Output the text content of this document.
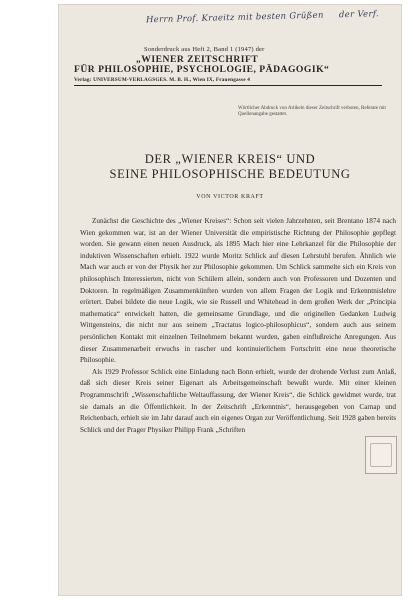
Herrn Prof. Kraeitz mit besten Grüßen der Verf.
Sonderdruck aus Heft 2, Band 1 (1947) der
„WIENER ZEITSCHRIFT
FÜR PHILOSOPHIE, PSYCHOLOGIE, PÄDAGOGIK“
Verlag: UNIVERSUM-VERLAGSGES. M. B. H., Wien IX, Frauengasse 4
Wörtlicher Abdruck von Artikeln dieser Zeitschrift verboten, Referate mit Quellenangabe gestattet.
DER „WIENER KREIS“ UND
SEINE PHILOSOPHISCHE BEDEUTUNG
VON VICTOR KRAFT

Zunächst die Geschichte des „Wiener Kreises“: Schon seit vielen Jahrzehnten, seit Brentano 1874 nach Wien gekommen war, ist an der Wiener Universität die empiristische Richtung der Philosophie gepflegt worden. Sie gewann einen neuen Ausdruck, als 1895 Mach hier eine Lehrkanzel für die Philosophie der induktiven Wissenschaften erhielt. 1922 wurde Moritz Schlick auf diesen Lehrstuhl berufen. Ähnlich wie Mach war auch er von der Physik her zur Philosophie gekommen. Um Schlick sammelte sich ein Kreis von philosophisch Interessierten, nicht von Schülern allein, sondern auch von Professoren und Dozenten und Doktoren. In regelmäßigen Zusammenkünften wurden von allem Fragen der Logik und Erkenntnislehre erörtert. Dabei bildete die neue Logik, wie sie Russell und Whitehead in dem großen Werk der „Principia mathematica“ entwickelt hatten, die gemeinsame Grundlage, und die originellen Gedanken Ludwig Wittgensteins, die nicht nur aus seinem „Tractatus logico-philosophicus“, sondern auch aus seinem persönlichen Kontakt mit einzelnen Teilnehmern bekannt wurden, gaben einflußreiche Anregungen. Aus dieser Zusammenarbeit erwuchs in rascher und kontinuierlichem Fortschritt eine neue theoretische Philosophie.

Als 1929 Professor Schlick eine Einladung nach Bonn erhielt, wurde der drohende Verlust zum Anlaß, daß sich dieser Kreis seiner Eigenart als Arbeitsgemeinschaft bewußt wurde. Mit einer kleinen Programmschrift „Wissenschaftliche Weltauffassung, der Wiener Kreis“, die Schlick gewidmet wurde, trat sie damals an die Öffentlichkeit. In der Zeitschrift „Erkenntnis“, herausgegeben von Carnap und Reichenbach, erhielt sie im Jahr darauf auch ein eigenes Organ zur Veröffentlichung. Seit 1928 gaben bereits Schlick und der Prager Physiker Philipp Frank „Schriften
